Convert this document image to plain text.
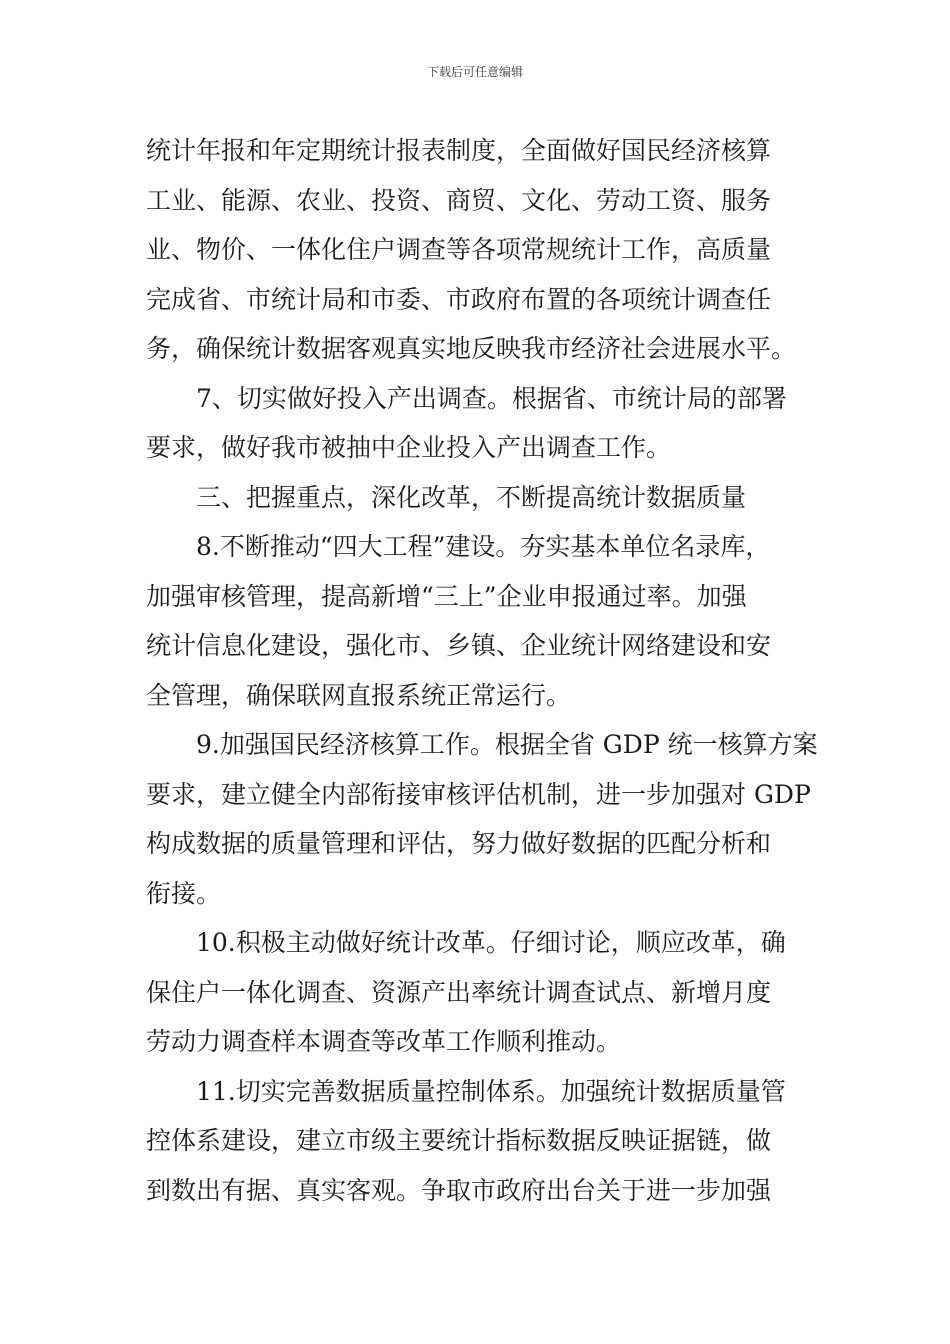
下载后可任意编辑
统计年报和年定期统计报表制度，全面做好国民经济核算
工业、能源、农业、投资、商贸、文化、劳动工资、服务
业、物价、一体化住户调查等各项常规统计工作，高质量
完成省、市统计局和市委、市政府布置的各项统计调查任
务，确保统计数据客观真实地反映我市经济社会进展水平。
7、切实做好投入产出调查。根据省、市统计局的部署
要求，做好我市被抽中企业投入产出调查工作。
三、把握重点，深化改革，不断提高统计数据质量
8.不断推动“四大工程”建设。夯实基本单位名录库，
加强审核管理，提高新增“三上”企业申报通过率。加强
统计信息化建设，强化市、乡镇、企业统计网络建设和安
全管理，确保联网直报系统正常运行。
9.加强国民经济核算工作。根据全省 GDP 统一核算方案
要求，建立健全内部衔接审核评估机制，进一步加强对 GDP
构成数据的质量管理和评估，努力做好数据的匹配分析和
衔接。
10.积极主动做好统计改革。仔细讨论，顺应改革，确
保住户一体化调查、资源产出率统计调查试点、新增月度
劳动力调查样本调查等改革工作顺利推动。
11.切实完善数据质量控制体系。加强统计数据质量管
控体系建设，建立市级主要统计指标数据反映证据链，做
到数出有据、真实客观。争取市政府出台关于进一步加强
